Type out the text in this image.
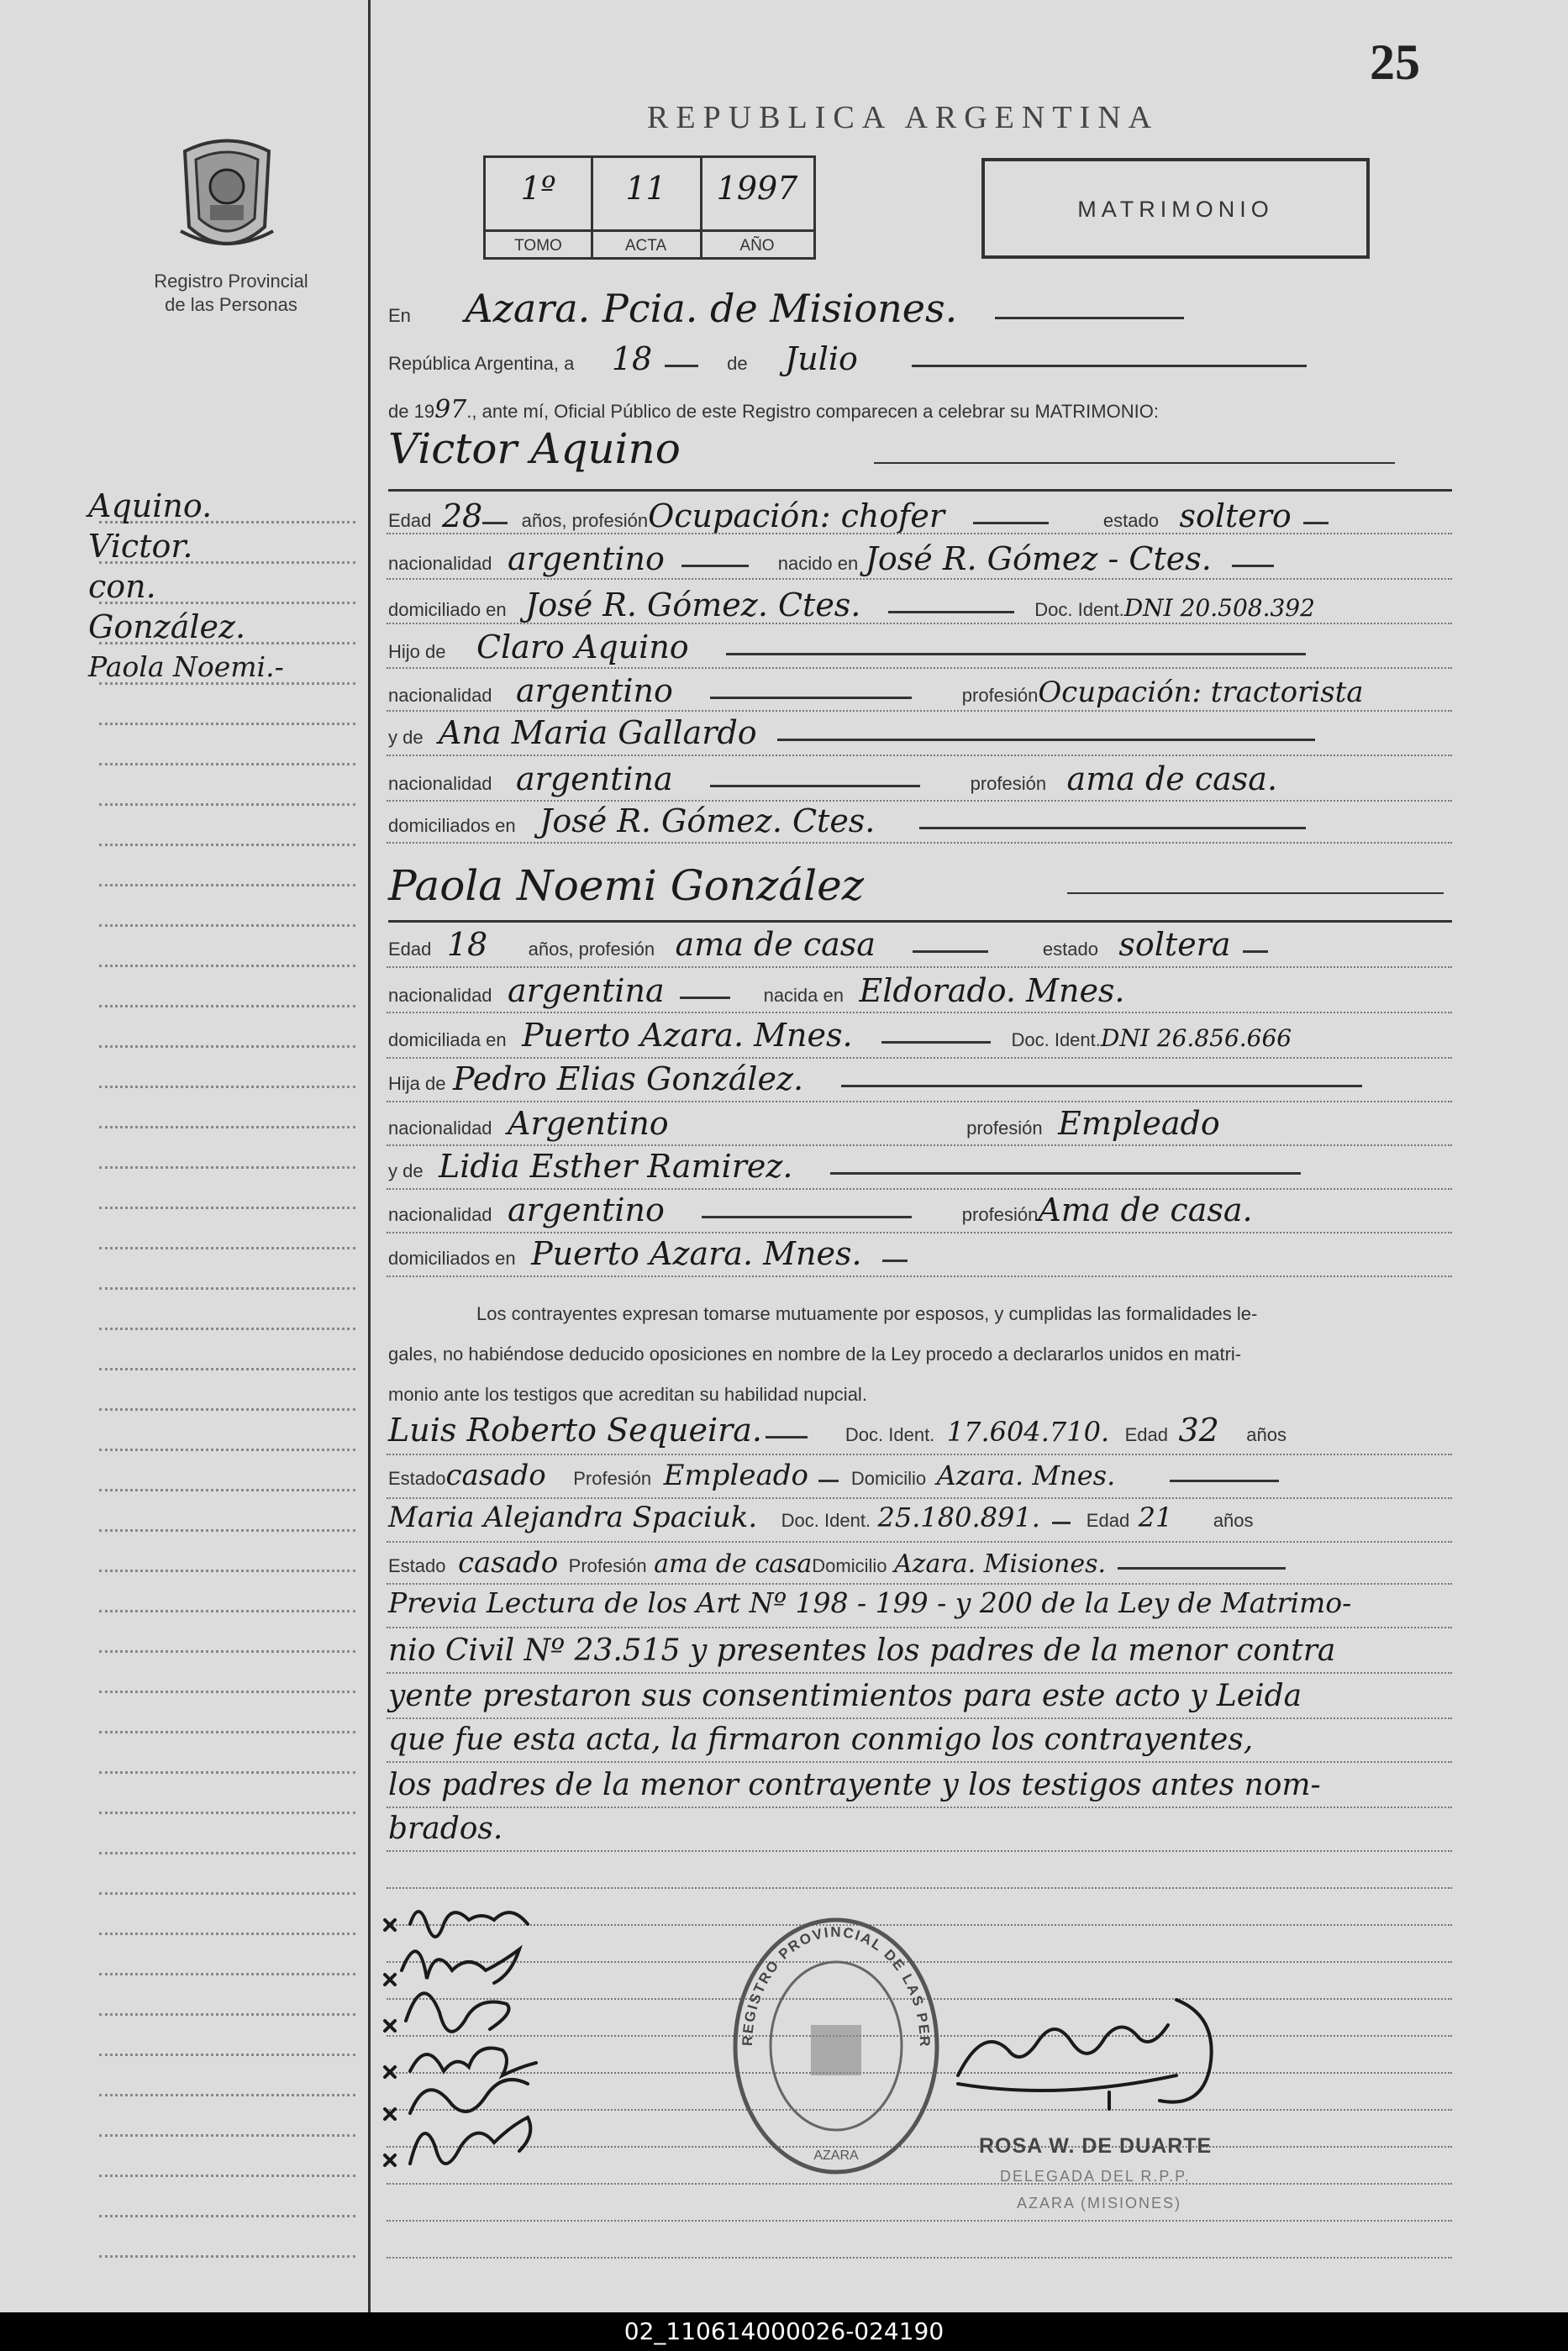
25
REPUBLICA ARGENTINA
Registro Provincial
de las Personas
1º	11	1997
TOMO	ACTA	AÑO
MATRIMONIO
Aquino.
Victor.
con.
González.
Paola Noemi.-
En Azara. Pcia. de Misiones.
República Argentina, a 18	de Julio
de 1997., ante mí, Oficial Público de este Registro comparecen a celebrar su MATRIMONIO:
Victor Aquino
Edad 28 años, profesiónOcupación: chofer	estado soltero
nacionalidad argentino	nacido en José R. Gómez - Ctes.
domiciliado en José R. Gómez. Ctes.	Doc. Ident.DNI 20.508.392
Hijo de Claro Aquino
nacionalidad argentino	profesiónOcupación: tractorista
y de Ana Maria Gallardo
nacionalidad argentina	profesión ama de casa.
domiciliados en José R. Gómez. Ctes.
Paola Noemi González
Edad 18 años, profesión ama de casa	estado soltera
nacionalidad argentina	nacida en Eldorado. Mnes.
domiciliada en Puerto Azara. Mnes.	Doc. Ident.DNI 26.856.666
Hija de Pedro Elias González.
nacionalidad Argentino	profesión Empleado
y de Lidia Esther Ramirez.
nacionalidad argentino	profesiónAma de casa.
domiciliados en Puerto Azara. Mnes.
Los contrayentes expresan tomarse mutuamente por esposos, y cumplidas las formalidades le-
gales, no habiéndose deducido oposiciones en nombre de la Ley procedo a declararlos unidos en matri-
monio ante los testigos que acreditan su habilidad nupcial.
Luis Roberto Sequeira.	Doc. Ident. 17.604.710. Edad 32 años
Estadocasado Profesión Empleado Domicilio Azara. Mnes.
Maria Alejandra Spaciuk. Doc. Ident. 25.180.891. Edad 21 años
Estado casado Profesión ama de casaDomicilio Azara. Misiones.
Previa Lectura de los Art Nº 198 - 199 - y 200 de la Ley de Matrimo-
nio Civil Nº 23.515 y presentes los padres de la menor contra
yente prestaron sus consentimientos para este acto y Leida
que fue esta acta, la firmaron conmigo los contrayentes,
los padres de la menor contrayente y los testigos antes nom-
brados.
REGISTRO PROVINCIAL DE LAS PER
AZARA	ROSA W. DE DUARTE
DELEGADA DEL R.P.P.
AZARA (MISIONES)
02_110614000026-024190
